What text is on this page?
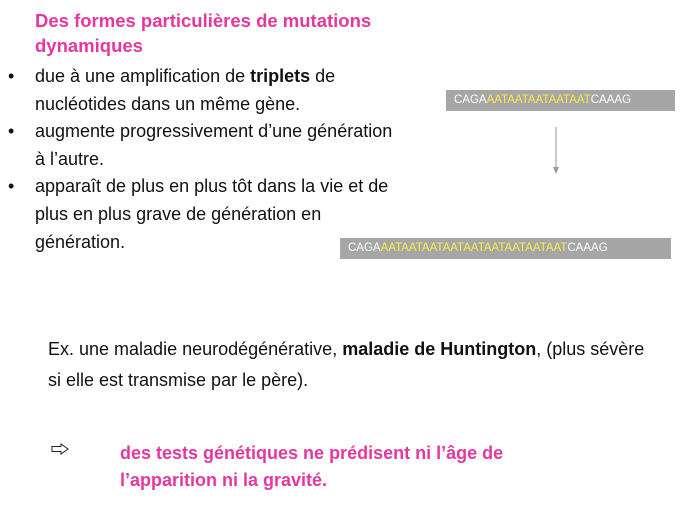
Des formes particulières de mutations dynamiques
• due à une amplification de triplets de nucléotides dans un même gène.
• augmente progressivement d’une génération à l’autre.
• apparaît de plus en plus tôt dans la vie et de plus en plus grave de génération en génération.
CAGAAATAATAATAATAATCAAAG
CAGAAATAATAATAATAATAATAATAATAATCAAAG
Ex. une maladie neurodégénérative, maladie de Huntington, (plus sévère si elle est transmise par le père).
des tests génétiques ne prédisent ni l’âge de l’apparition ni la gravité.
